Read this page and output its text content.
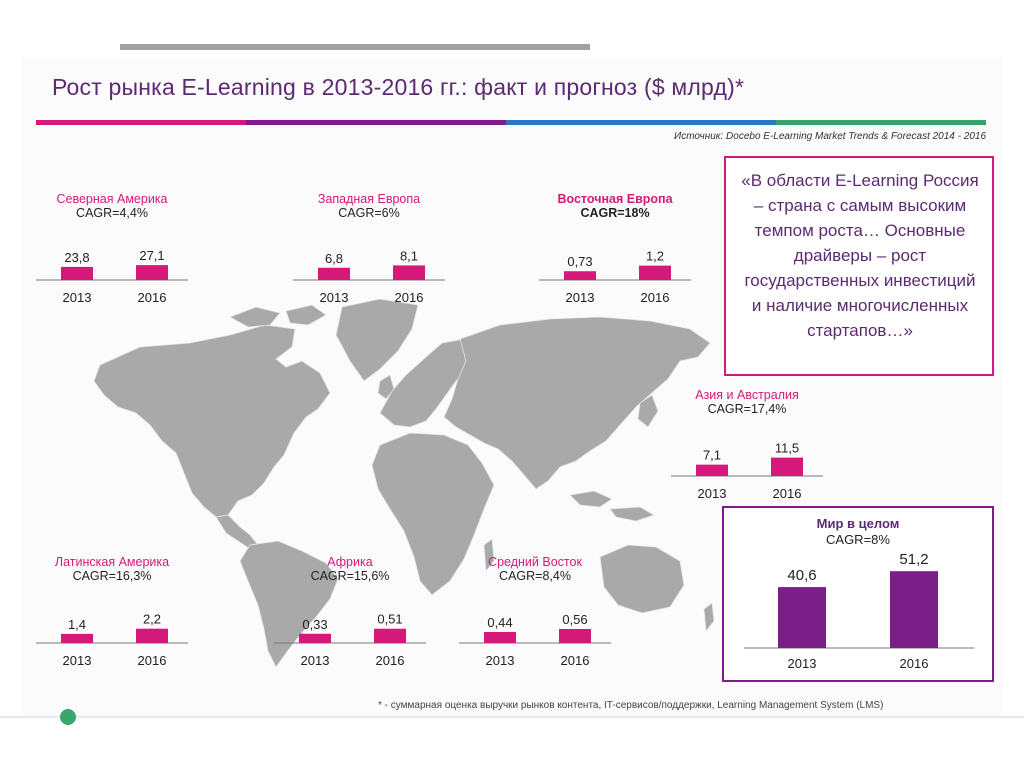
Рост рынка E-Learning в 2013-2016 гг.: факт и прогноз ($ млрд)*
Источник: Docebo E-Learning Market Trends & Forecast 2014 - 2016
Северная Америка
CAGR=4,4%
23,8
2013
27,1
2016
Западная Европа
CAGR=6%
6,8
2013
8,1
2016
Восточная Европа
CAGR=18%
0,73
2013
1,2
2016
Азия и Австралия
CAGR=17,4%
7,1
2013
11,5
2016
Латинская Америка
CAGR=16,3%
1,4
2013
2,2
2016
Африка
CAGR=15,6%
0,33
2013
0,51
2016
Средний Восток
CAGR=8,4%
0,44
2013
0,56
2016
«В области E-Learning Россия – страна с самым высоким темпом роста… Основные драйверы – рост государственных инвестиций и наличие многочисленных стартапов…»
Мир в целом
CAGR=8%
40,6
2013
51,2
2016
* - суммарная оценка выручки рынков контента, IT-сервисов/поддержки, Learning Management System (LMS)
